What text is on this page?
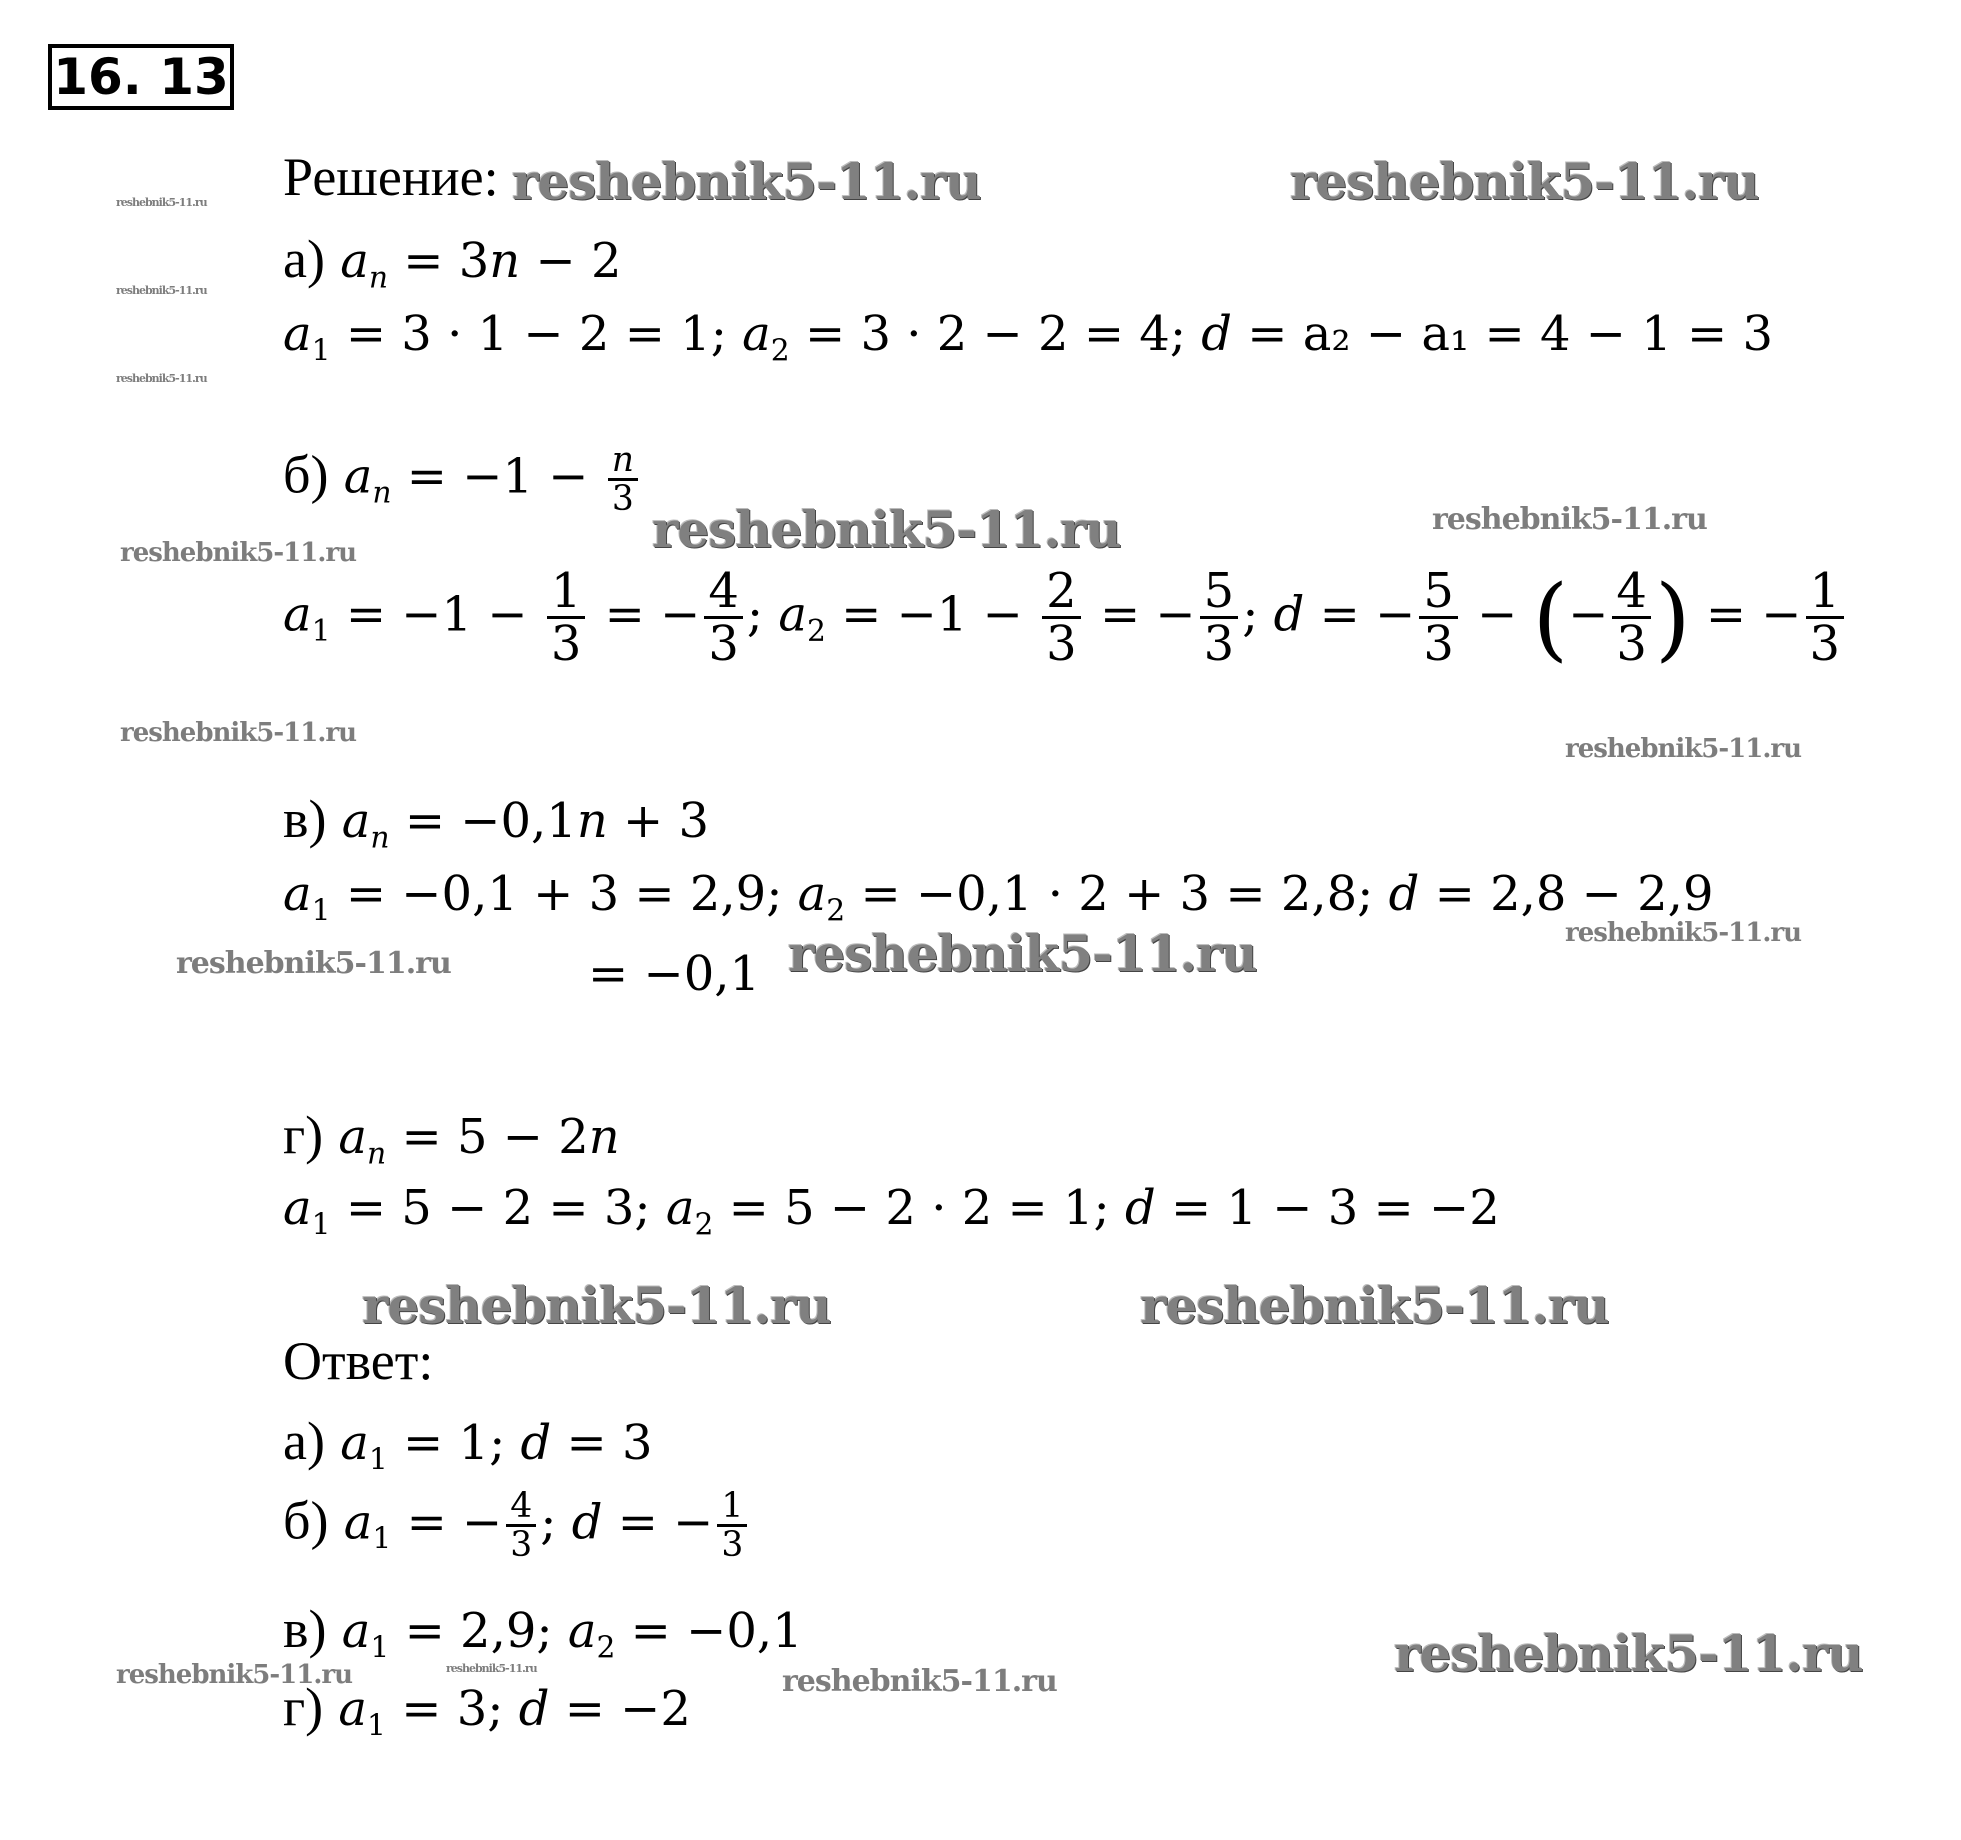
16. 13
Решение:
а) $a_n = 3n - 2$
$a_1 = 3 \cdot 1 - 2 = 1$; $a_2 = 3 \cdot 2 - 2 = 4$; d = a₂ − a₁ = 4 − 1 = 3
б) $a_n = -1 - \frac{n}{3}$
$a_1 = -1 - \frac{1}{3}$ = − $\frac{4}{3}$ ; $a_2 = -1 - \frac{2}{3}$ = − $\frac{5}{3}$ ; d = − $\frac{5}{3}$ − (− $\frac{4}{3}$ ) = − $\frac{1}{3}$
в) $a_n = -0,1n + 3$
$a_1 = -0,1 + 3 = 2,9$; $a_2 = -0,1 \cdot 2 + 3 = 2,8$; d = 2,8 − 2,9
= −0,1
г) $a_n = 5 - 2n$
$a_1 = 5 - 2 = 3$; $a_2 = 5 - 2 \cdot 2 = 1$; d = 1 − 3 = −2
Ответ:
а) $a_1 = 1$; d = 3
б) $a_1$ = − $\frac{4}{3}$ ; d = − $\frac{1}{3}$
в) $a_1 = 2,9$; $a_2 = -0,1$
г) $a_1 = 3$; d = −2
reshebnik5-11.ru	reshebnik5-11.ru
reshebnik5-11.ru
reshebnik5-11.ru
reshebnik5-11.ru
reshebnik5-11.ru	reshebnik5-11.ru
reshebnik5-11.ru
reshebnik5-11.ru
reshebnik5-11.ru
reshebnik5-11.ru
reshebnik5-11.ru	reshebnik5-11.ru
reshebnik5-11.ru	reshebnik5-11.ru
reshebnik5-11.ru
reshebnik5-11.ru	reshebnik5-11.ru	reshebnik5-11.ru
